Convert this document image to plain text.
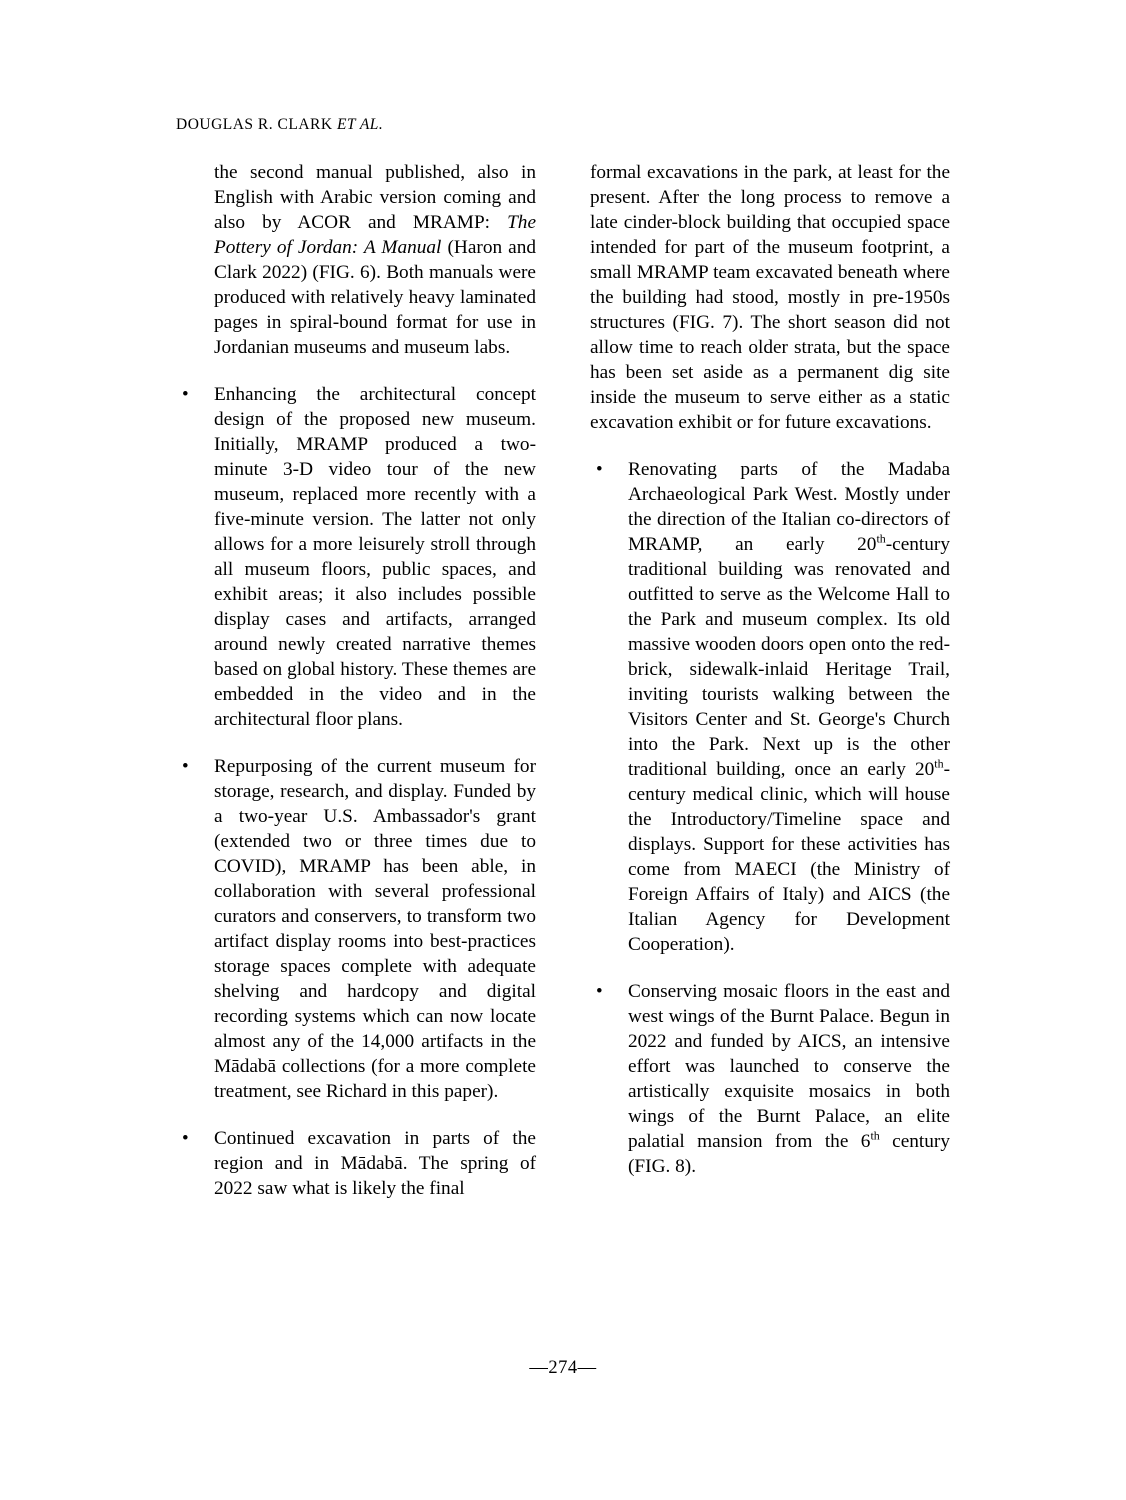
DOUGLAS R. CLARK ET AL.

the second manual published, also in English with Arabic version coming and also by ACOR and MRAMP: The Pottery of Jordan: A Manual (Haron and Clark 2022) (FIG. 6). Both manuals were produced with relatively heavy laminated pages in spiral-bound format for use in Jordanian museums and museum labs.

•	Enhancing the architectural concept design of the proposed new museum. Initially, MRAMP produced a two-minute 3-D video tour of the new museum, replaced more recently with a five-minute version. The latter not only allows for a more leisurely stroll through all museum floors, public spaces, and exhibit areas; it also includes possible display cases and artifacts, arranged around newly created narrative themes based on global history. These themes are embedded in the video and in the architectural floor plans.
•	Repurposing of the current museum for storage, research, and display. Funded by a two-year U.S. Ambassador's grant (extended two or three times due to COVID), MRAMP has been able, in collaboration with several professional curators and conservers, to transform two artifact display rooms into best-practices storage spaces complete with adequate shelving and hardcopy and digital recording systems which can now locate almost any of the 14,000 artifacts in the Mādabā collections (for a more complete treatment, see Richard in this paper).
•	Continued excavation in parts of the region and in Mādabā. The spring of 2022 saw what is likely the final

formal excavations in the park, at least for the present. After the long process to remove a late cinder-block building that occupied space intended for part of the museum footprint, a small MRAMP team excavated beneath where the building had stood, mostly in pre-1950s structures (FIG. 7). The short season did not allow time to reach older strata, but the space has been set aside as a permanent dig site inside the museum to serve either as a static excavation exhibit or for future excavations.

•	Renovating parts of the Madaba Archaeological Park West. Mostly under the direction of the Italian co-directors of MRAMP, an early 20th-century traditional building was renovated and outfitted to serve as the Welcome Hall to the Park and museum complex. Its old massive wooden doors open onto the red-brick, sidewalk-inlaid Heritage Trail, inviting tourists walking between the Visitors Center and St. George's Church into the Park. Next up is the other traditional building, once an early 20th-century medical clinic, which will house the Introductory/Timeline space and displays. Support for these activities has come from MAECI (the Ministry of Foreign Affairs of Italy) and AICS (the Italian Agency for Development Cooperation).
•	Conserving mosaic floors in the east and west wings of the Burnt Palace. Begun in 2022 and funded by AICS, an intensive effort was launched to conserve the artistically exquisite mosaics in both wings of the Burnt Palace, an elite palatial mansion from the 6th century (FIG. 8).
—274—
